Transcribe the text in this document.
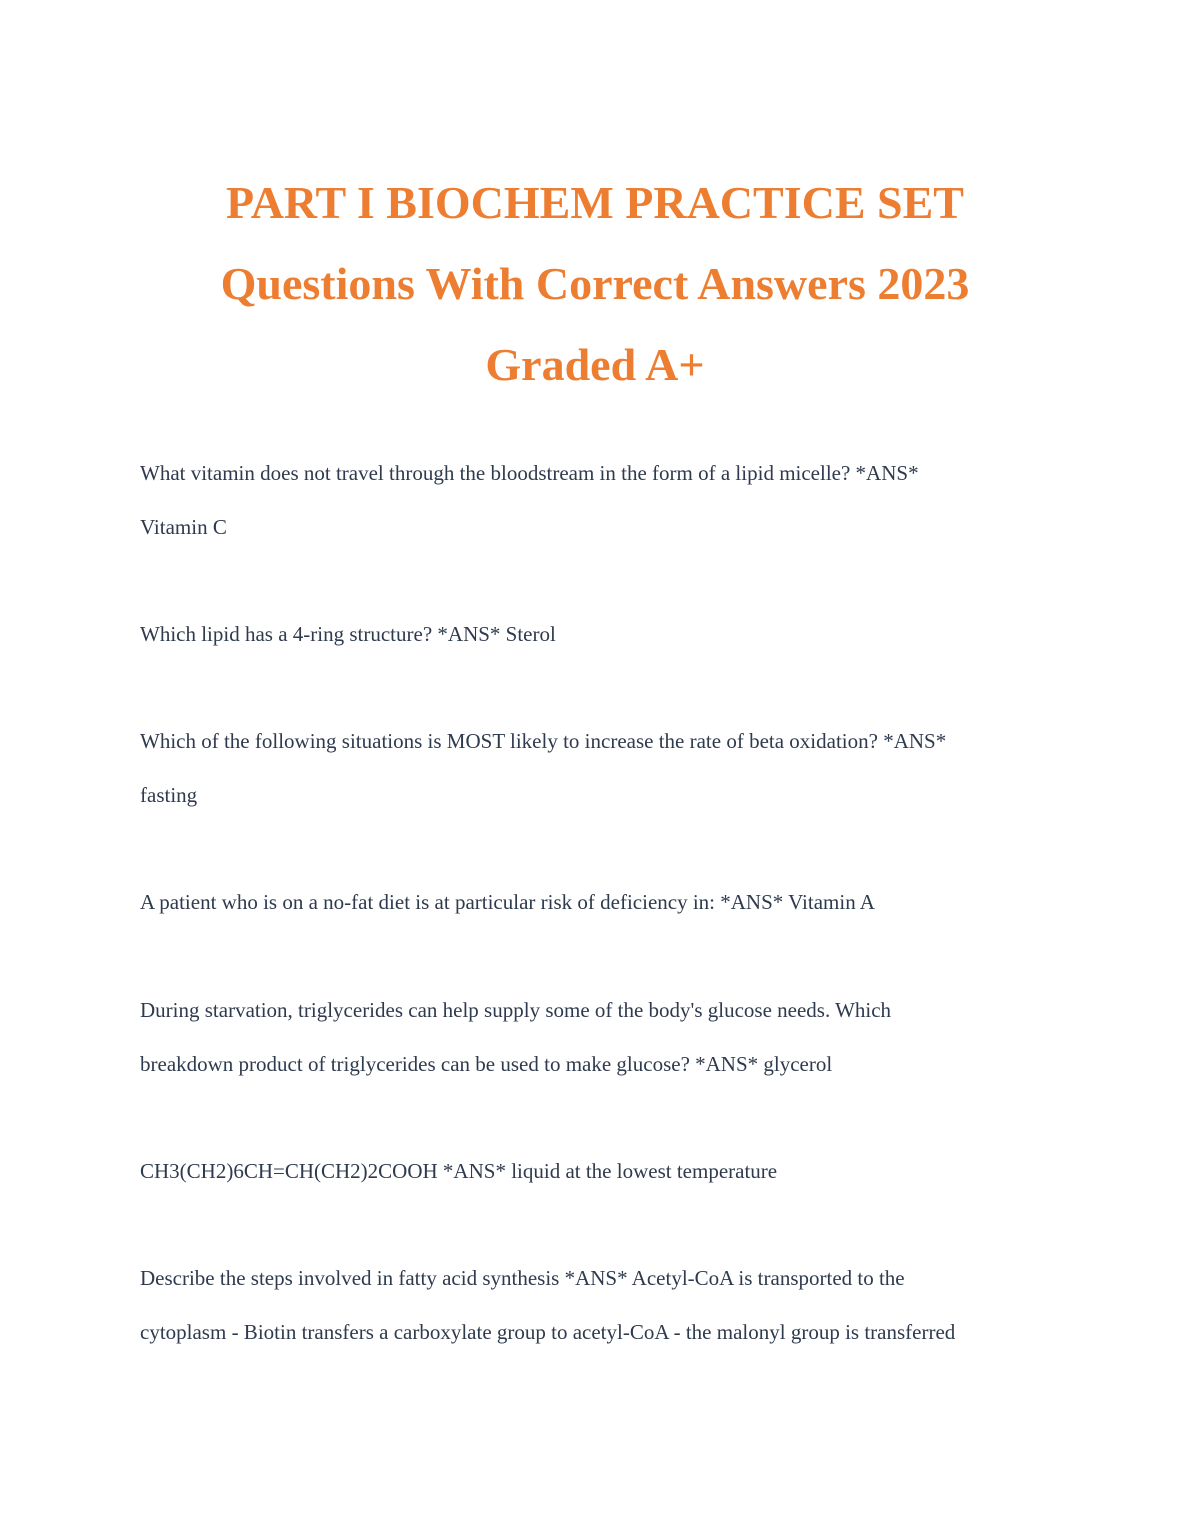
PART I BIOCHEM PRACTICE SET
Questions With Correct Answers 2023
Graded A+
What vitamin does not travel through the bloodstream in the form of a lipid micelle? *ANS*
Vitamin C
Which lipid has a 4-ring structure? *ANS* Sterol
Which of the following situations is MOST likely to increase the rate of beta oxidation? *ANS*
fasting
A patient who is on a no-fat diet is at particular risk of deficiency in: *ANS* Vitamin A
During starvation, triglycerides can help supply some of the body's glucose needs. Which
breakdown product of triglycerides can be used to make glucose? *ANS* glycerol
CH3(CH2)6CH=CH(CH2)2COOH *ANS* liquid at the lowest temperature
Describe the steps involved in fatty acid synthesis *ANS* Acetyl-CoA is transported to the
cytoplasm - Biotin transfers a carboxylate group to acetyl-CoA - the malonyl group is transferred
